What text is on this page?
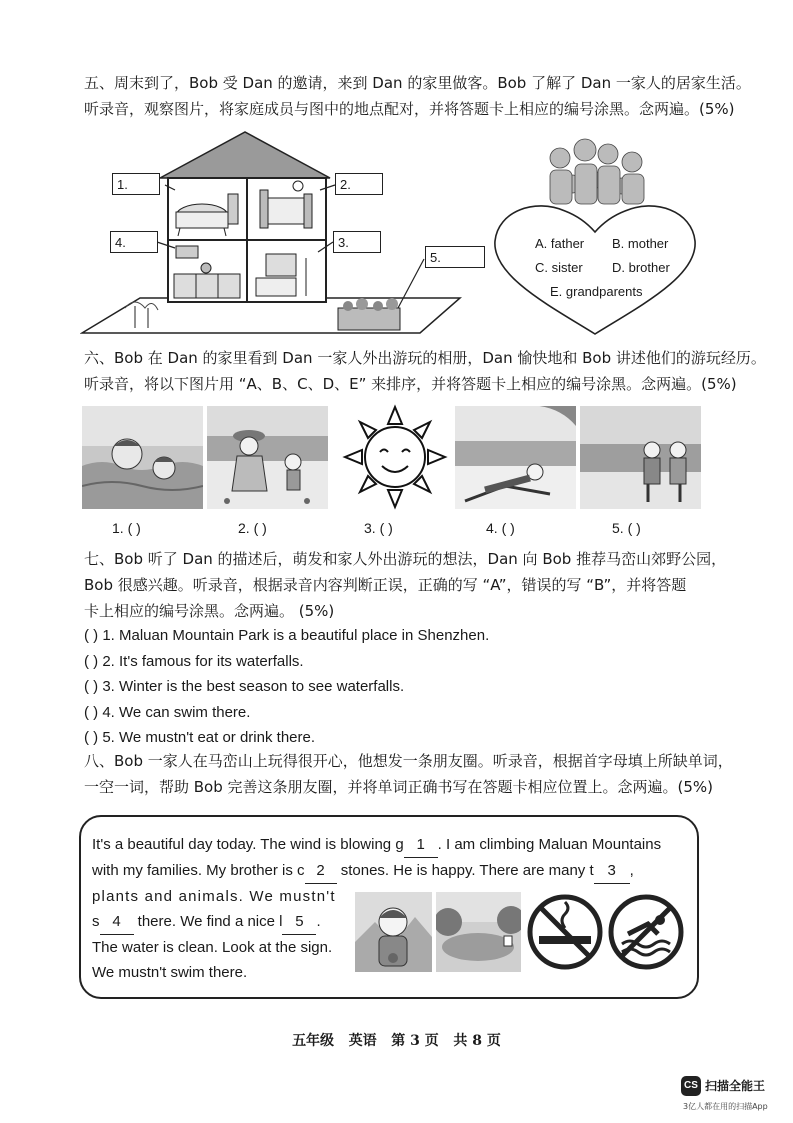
五、周末到了，Bob 受 Dan 的邀请，来到 Dan 的家里做客。Bob 了解了 Dan 一家人的居家生活。

听录音，观察图片，将家庭成员与图中的地点配对，并将答题卡上相应的编号涂黑。念两遍。(5%)

1.	2.
4.	3.
5.
A. father B. mother
C. sister D. brother
E. grandparents

六、Bob 在 Dan 的家里看到 Dan 一家人外出游玩的相册，Dan 愉快地和 Bob 讲述他们的游玩经历。

听录音，将以下图片用 “A、B、C、D、E” 来排序，并将答题卡上相应的编号涂黑。念两遍。(5%)

1. ( )	2. ( )	3. ( )	4. ( )	5. ( )

七、Bob 听了 Dan 的描述后，萌发和家人外出游玩的想法，Dan 向 Bob 推荐马峦山郊野公园，

Bob 很感兴趣。听录音，根据录音内容判断正误，正确的写 “A”，错误的写 “B”，并将答题

卡上相应的编号涂黑。念两遍。 (5%)

( ) 1. Maluan Mountain Park is a beautiful place in Shenzhen.
( ) 2. It's famous for its waterfalls.
( ) 3. Winter is the best season to see waterfalls.
( ) 4. We can swim there.
( ) 5. We mustn't eat or drink there.

八、Bob 一家人在马峦山上玩得很开心，他想发一条朋友圈。听录音，根据首字母填上所缺单词，

一空一词，帮助 Bob 完善这条朋友圈，并将单词正确书写在答题卡相应位置上。念两遍。(5%)

It's a beautiful day today. The wind is blowing g 1 . I am climbing Maluan Mountains
with my families. My brother is c 2 stones. He is happy. There are many t 3 ,
plants and animals. We mustn't
s 4 there. We find a nice l 5 .
The water is clean. Look at the sign.
We mustn't swim there.
五年级   英语   第 3 页   共 8 页
CS 扫描全能王
3亿人都在用的扫描App
